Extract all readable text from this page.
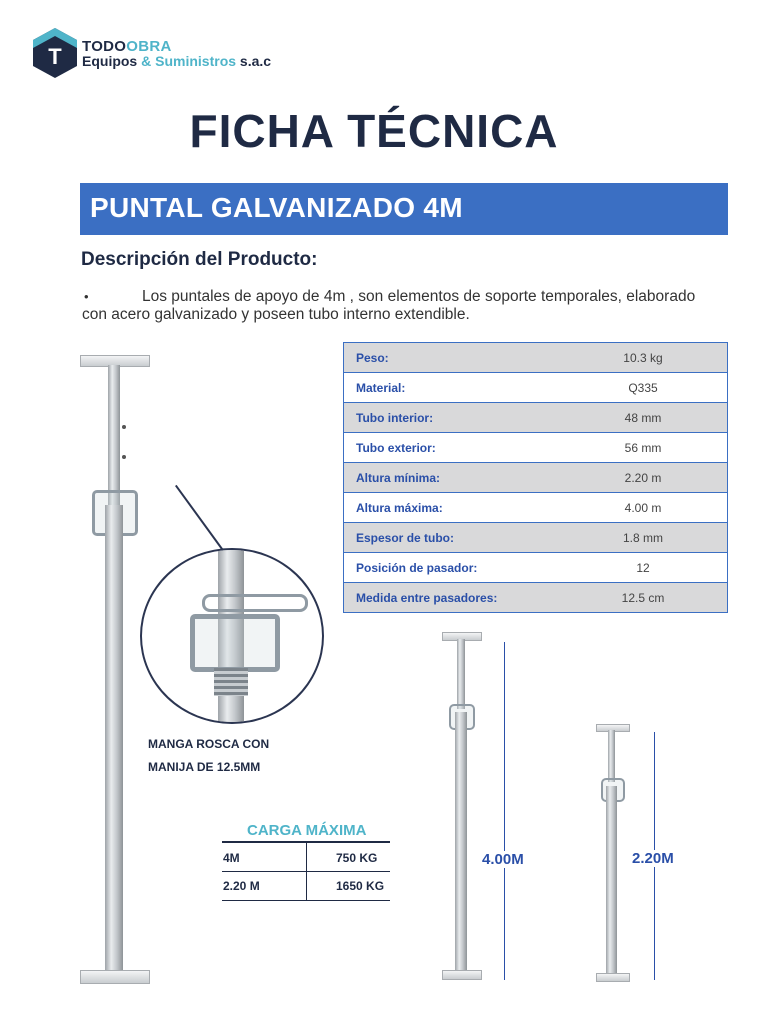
T TODOOBRA
Equipos & Suministros s.a.c
FICHA TÉCNICA
PUNTAL GALVANIZADO 4M
Descripción del Producto:
•	Los puntales de apoyo de 4m , son elementos de soporte temporales, elaborado con acero galvanizado y poseen tubo interno extendible.
Peso:	10.3 kg
Material:	Q335
Tubo interior:	48 mm
Tubo exterior:	56 mm
Altura mínima:	2.20 m
Altura máxima:	4.00 m
Espesor de tubo:	1.8 mm
Posición de pasador:	12
Medida entre pasadores:	12.5 cm
MANGA ROSCA CON
MANIJA DE 12.5MM
CARGA MÁXIMA
4M	750 KG
2.20 M	1650 KG
4.00M	2.20M
